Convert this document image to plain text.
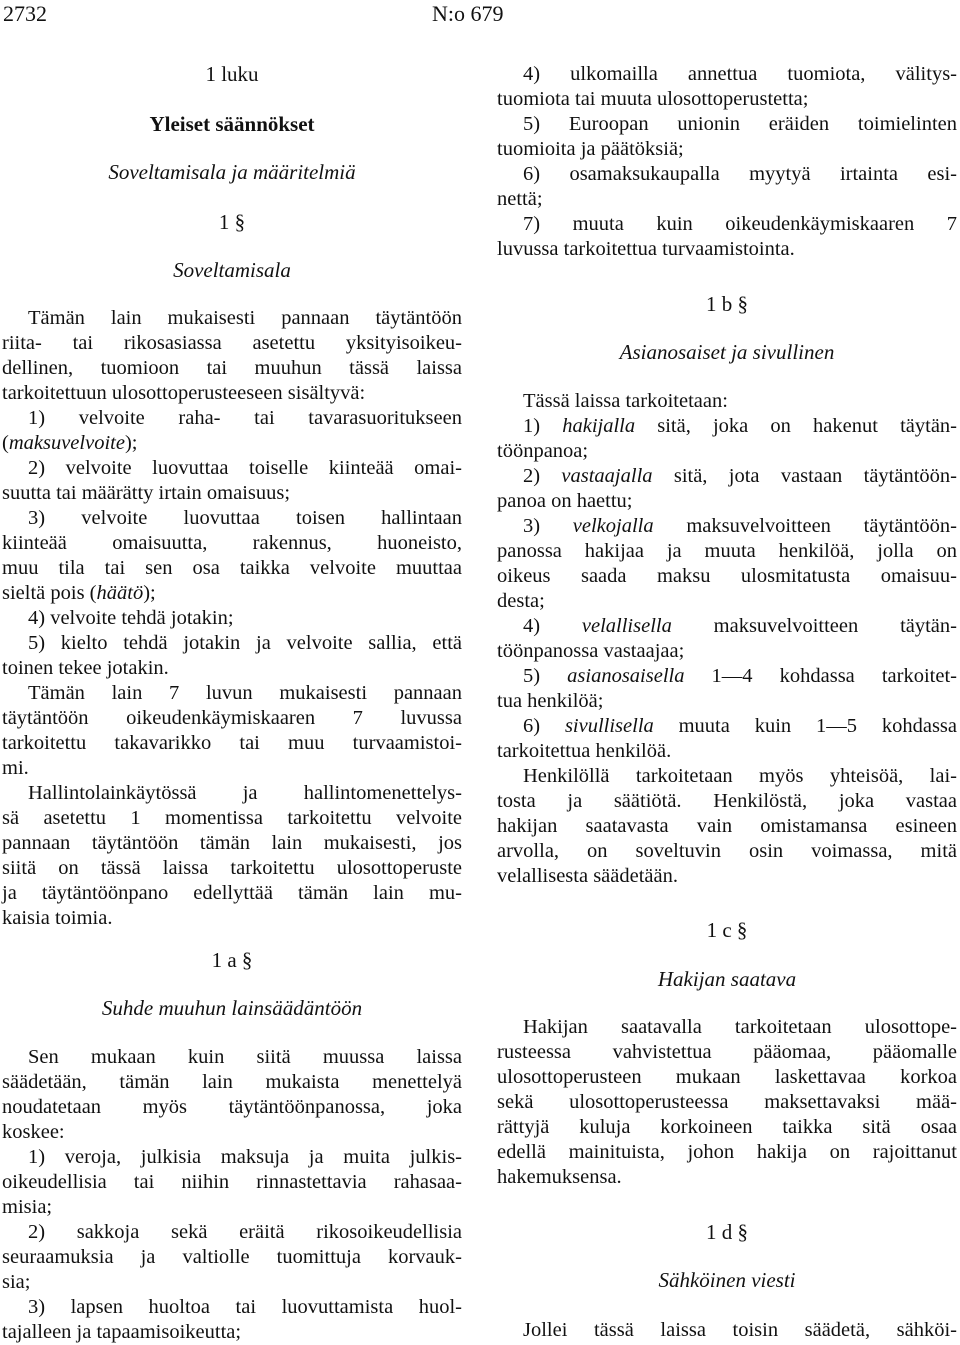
2732	N:o 679
1 luku
Yleiset säännökset
Soveltamisala ja määritelmiä
1 §
Soveltamisala
Tämän lain mukaisesti pannaan täytäntöön
riita- tai rikosasiassa asetettu yksityisoikeu-
dellinen, tuomioon tai muuhun tässä laissa
tarkoitettuun ulosottoperusteeseen sisältyvä:
1) velvoite raha- tai tavarasuoritukseen
(maksuvelvoite);
2) velvoite luovuttaa toiselle kiinteää omai-
suutta tai määrätty irtain omaisuus;
3) velvoite luovuttaa toisen hallintaan
kiinteää omaisuutta, rakennus, huoneisto,
muu tila tai sen osa taikka velvoite muuttaa
sieltä pois (häätö);
4) velvoite tehdä jotakin;
5) kielto tehdä jotakin ja velvoite sallia, että
toinen tekee jotakin.
Tämän lain 7 luvun mukaisesti pannaan
täytäntöön oikeudenkäymiskaaren 7 luvussa
tarkoitettu takavarikko tai muu turvaamistoi-
mi.
Hallintolainkäytössä ja hallintomenettelys-
sä asetettu 1 momentissa tarkoitettu velvoite
pannaan täytäntöön tämän lain mukaisesti, jos
siitä on tässä laissa tarkoitettu ulosottoperuste
ja täytäntöönpano edellyttää tämän lain mu-
kaisia toimia.
1 a §
Suhde muuhun lainsäädäntöön
Sen mukaan kuin siitä muussa laissa
säädetään, tämän lain mukaista menettelyä
noudatetaan myös täytäntöönpanossa, joka
koskee:
1) veroja, julkisia maksuja ja muita julkis-
oikeudellisia tai niihin rinnastettavia rahasaa-
misia;
2) sakkoja sekä eräitä rikosoikeudellisia
seuraamuksia ja valtiolle tuomittuja korvauk-
sia;
3) lapsen huoltoa tai luovuttamista huol-
tajalleen ja tapaamisoikeutta;
4) ulkomailla annettua tuomiota, välitys-
tuomiota tai muuta ulosottoperustetta;
5) Euroopan unionin eräiden toimielinten
tuomioita ja päätöksiä;
6) osamaksukaupalla myytyä irtainta esi-
nettä;
7) muuta kuin oikeudenkäymiskaaren 7
luvussa tarkoitettua turvaamistointa.
1 b §
Asianosaiset ja sivullinen
Tässä laissa tarkoitetaan:
1) hakijalla sitä, joka on hakenut täytän-
töönpanoa;
2) vastaajalla sitä, jota vastaan täytäntöön-
panoa on haettu;
3) velkojalla maksuvelvoitteen täytäntöön-
panossa hakijaa ja muuta henkilöä, jolla on
oikeus saada maksu ulosmitatusta omaisuu-
desta;
4) velallisella maksuvelvoitteen täytän-
töönpanossa vastaajaa;
5) asianosaisella 1—4 kohdassa tarkoitet-
tua henkilöä;
6) sivullisella muuta kuin 1—5 kohdassa
tarkoitettua henkilöä.
Henkilöllä tarkoitetaan myös yhteisöä, lai-
tosta ja säätiötä. Henkilöstä, joka vastaa
hakijan saatavasta vain omistamansa esineen
arvolla, on soveltuvin osin voimassa, mitä
velallisesta säädetään.
1 c §
Hakijan saatava
Hakijan saatavalla tarkoitetaan ulosottope-
rusteessa vahvistettua pääomaa, pääomalle
ulosottoperusteen mukaan laskettavaa korkoa
sekä ulosottoperusteessa maksettavaksi mää-
rättyjä kuluja korkoineen taikka sitä osaa
edellä mainituista, johon hakija on rajoittanut
hakemuksensa.
1 d §
Sähköinen viesti
Jollei tässä laissa toisin säädetä, sähköi-
